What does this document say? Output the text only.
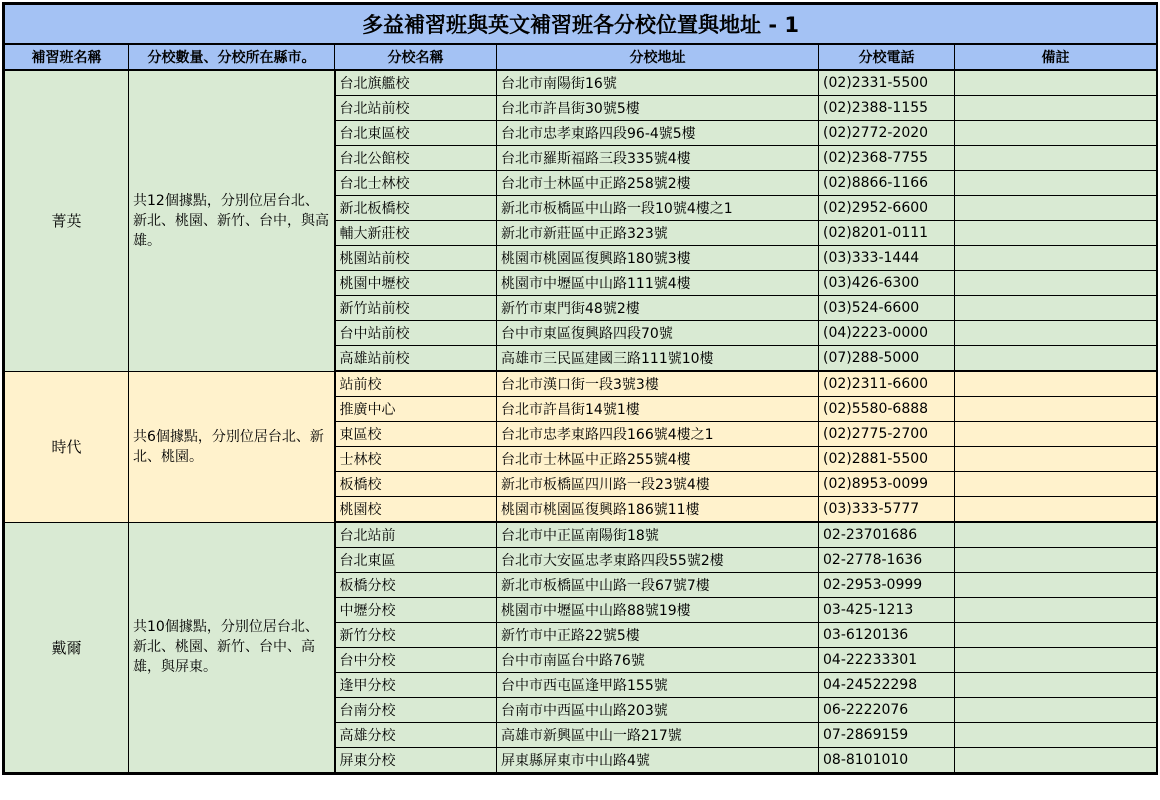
多益補習班與英文補習班各分校位置與地址 - 1					
補習班名稱	分校數量、分校所在縣市。	分校名稱	分校地址	分校電話	備註
菁英	共12個據點，分別位居台北、新北、桃園、新竹、台中，與高雄。	台北旗艦校	台北市南陽街16號	(02)2331-5500	
		台北站前校	台北市許昌街30號5樓	(02)2388-1155	
		台北東區校	台北市忠孝東路四段96-4號5樓	(02)2772-2020	
		台北公館校	台北市羅斯福路三段335號4樓	(02)2368-7755	
		台北士林校	台北市士林區中正路258號2樓	(02)8866-1166	
		新北板橋校	新北市板橋區中山路一段10號4樓之1	(02)2952-6600	
		輔大新莊校	新北市新莊區中正路323號	(02)8201-0111	
		桃園站前校	桃園市桃園區復興路180號3樓	(03)333-1444	
		桃園中壢校	桃園市中壢區中山路111號4樓	(03)426-6300	
		新竹站前校	新竹市東門街48號2樓	(03)524-6600	
		台中站前校	台中市東區復興路四段70號	(04)2223-0000	
		高雄站前校	高雄市三民區建國三路111號10樓	(07)288-5000	
時代	共6個據點，分別位居台北、新北、桃園。	站前校	台北市漢口街一段3號3樓	(02)2311-6600	
		推廣中心	台北市許昌街14號1樓	(02)5580-6888	
		東區校	台北市忠孝東路四段166號4樓之1	(02)2775-2700	
		士林校	台北市士林區中正路255號4樓	(02)2881-5500	
		板橋校	新北市板橋區四川路一段23號4樓	(02)8953-0099	
		桃園校	桃園市桃園區復興路186號11樓	(03)333-5777	
戴爾	共10個據點，分別位居台北、新北、桃園、新竹、台中、高雄，與屏東。	台北站前	台北市中正區南陽街18號	02-23701686	
		台北東區	台北市大安區忠孝東路四段55號2樓	02-2778-1636	
		板橋分校	新北市板橋區中山路一段67號7樓	02-2953-0999	
		中壢分校	桃園市中壢區中山路88號19樓	03-425-1213	
		新竹分校	新竹市中正路22號5樓	03-6120136	
		台中分校	台中市南區台中路76號	04-22233301	
		逢甲分校	台中市西屯區逢甲路155號	04-24522298	
		台南分校	台南市中西區中山路203號	06-2222076	
		高雄分校	高雄市新興區中山一路217號	07-2869159	
		屏東分校	屏東縣屏東市中山路4號	08-8101010	
